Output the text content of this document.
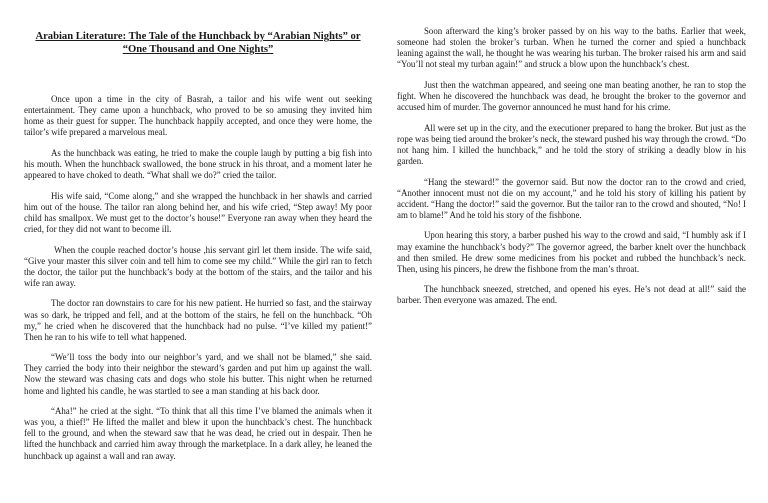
Arabian Literature: The Tale of the Hunchback by “Arabian Nights” or “One Thousand and One Nights”

Once upon a time in the city of Basrah, a tailor and his wife went out seeking entertainment. They came upon a hunchback, who proved to be so amusing they invited him home as their guest for supper. The hunchback happily accepted, and once they were home, the tailor’s wife prepared a marvelous meal.

As the hunchback was eating, he tried to make the couple laugh by putting a big fish into his mouth. When the hunchback swallowed, the bone struck in his throat, and a moment later he appeared to have choked to death. “What shall we do?” cried the tailor.

His wife said, “Come along,” and she wrapped the hunchback in her shawls and carried him out of the house. The tailor ran along behind her, and his wife cried, “Step away! My poor child has smallpox. We must get to the doctor’s house!” Everyone ran away when they heard the cried, for they did not want to become ill.

When the couple reached doctor’s house ,his servant girl let them inside. The wife said, “Give your master this silver coin and tell him to come see my child.” While the girl ran to fetch the doctor, the tailor put the hunchback’s body at the bottom of the stairs, and the tailor and his wife ran away.

The doctor ran downstairs to care for his new patient. He hurried so fast, and the stairway was so dark, he tripped and fell, and at the bottom of the stairs, he fell on the hunchback. “Oh my,” he cried when he discovered that the hunchback had no pulse. “I’ve killed my patient!” Then he ran to his wife to tell what happened.

“We’ll toss the body into our neighbor’s yard, and we shall not be blamed,” she said. They carried the body into their neighbor the steward’s garden and put him up against the wall. Now the steward was chasing cats and dogs who stole his butter. This night when he returned home and lighted his candle, he was startled to see a man standing at his back door.

“Aha!” he cried at the sight. “To think that all this time I’ve blamed the animals when it was you, a thief!” He lifted the mallet and blew it upon the hunchback’s chest. The hunchback fell to the ground, and when the steward saw that he was dead, he cried out in despair. Then he lifted the hunchback and carried him away through the marketplace. In a dark alley, he leaned the hunchback up against a wall and ran away.

Soon afterward the king’s broker passed by on his way to the baths. Earlier that week, someone had stolen the broker’s turban. When he turned the corner and spied a hunchback leaning against the wall, he thought he was wearing his turban. The broker raised his arm and said “You’ll not steal my turban again!” and struck a blow upon the hunchback’s chest.

Just then the watchman appeared, and seeing one man beating another, he ran to stop the fight. When he discovered the hunchback was dead, he brought the broker to the governor and accused him of murder. The governor announced he must hand for his crime.

All were set up in the city, and the executioner prepared to hang the broker. But just as the rope was being tied around the broker’s neck, the steward pushed his way through the crowd. “Do not hang him. I killed the hunchback,” and he told the story of striking a deadly blow in his garden.

“Hang the steward!” the governor said. But now the doctor ran to the crowd and cried, “Another innocent must not die on my account,” and he told his story of killing his patient by accident. “Hang the doctor!” said the governor. But the tailor ran to the crowd and shouted, “No! I am to blame!” And he told his story of the fishbone.

Upon hearing this story, a barber pushed his way to the crowd and said, “I humbly ask if I may examine the hunchback’s body?” The governor agreed, the barber knelt over the hunchback and then smiled. He drew some medicines from his pocket and rubbed the hunchback’s neck. Then, using his pincers, he drew the fishbone from the man’s throat.

The hunchback sneezed, stretched, and opened his eyes. He’s not dead at all!” said the barber. Then everyone was amazed. The end.
